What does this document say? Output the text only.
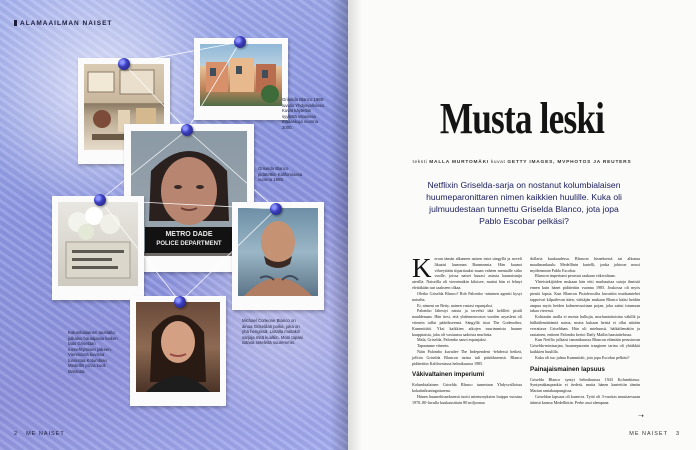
ALAMAAILMAN NAISET
METRO DADE
POLICE DEPARTMENT
Griselda Blanco 1980-luvulla Yhdysvalloissa. Kuvat käytettiin syytettä ostuvissa maaaskuja vuonna 2000.
Griselda Blanco pidätettiin Kaliforniassa vuonna 1985.
Kolumbialainen taustalla: julkaisu hautajaisia kaiken taas Griseldan menehtymisen jälkeen. Viereisissä kuvissa tunnistaa Kolumbian Medellín pizza kuoli tämäntai.
Michael Corleone Blanco on ainoa Griseldan poika, joka on yhä hengissä. Listalla muitakin sarjoja mitä kuultiin. Moni tapasi isänsä seteleitä suuremmin.
2 ME NAISET
Musta leski
teksti MALLA MURTOMÄKI kuvat GETTY IMAGES, MVPHOTOS JA REUTERS

Netflixin Griselda-sarja on nostanut kolumbialaisen huumeparonittaren nimen kaikkien huulille. Kuka oli julmuudestaan tunnettu Griselda Blanco, jota jopa Pablo Escobar pelkäsi?

Kerran tämän alkaneen naisen intoi sängyllä ja noveli likaaisi kumman Baumonnia. Hän kaunoi vihreyttään tiipartiaaksi maan vaheen mentaille siiho vuolle, joissa naisei kuuasi asiasta kaunaistuija aterilla. Naiseilla oli viernimäkin kiloisee, muttai hän ei lehnyt elettäkään turt taakseen olkaa.

Oletko Griselda Blanco? Rob Palombo -niminen agentti kysyi naiselta.

Ei, nimeni on Betty, nainen vastasi espanjaksi.

Palombo lähestyi naista ja tervehti tätä kelilleti pisäli nauddenaan. Hän tiesi, että yhdenneuvoton vuoden aryasleni oli viimein tullut päätökseensä. Sängyllä istui The Godmother, Kummittäti. Yksi kaikkien aikojen suurimmista huume kauppiaista, joka oli vastuussa sadoista murhista.

Mala, Griselda, Palombo sanoi espanjaksi.

Tapaamme viimein.

Näin Palombo kuvailee The Independent -lehdessä hetkeä, jolloin Griselda Blancon tarina tuli päätökseensä. Blanco pidätettiin Kaliforniassa helmikuussa 1985.

Väkivaltainen imperiumi

Kolumbialainen Griselda Blanco tunnetaan Yhdysvalloissa kokaiinikuningattarena.

Hänen huumebisneksensä tuotti miemonyksien huippu vuosina 1970–80-luvulla kuukausittain 80 miljoonaa

dollaria kuukaudessa. Blancon bisneksestä sai alkunsa maailmankuulu Medellínin kartelli, jonka johtoon nousi myöhemmin Pablo Escobar.

Blancon imperiumi perustui raakaan väkivaltaan.

Yhteistekijöiden mukaan hän eitti murhauttaa satoja ihmisiä ennen kuin hänet pidätettiin vuonna 1985. Joukossa oli myös pieniä lapsia. Kun Blancon Pistolerosilta kuvattiin murhamiehet tappoivat kilpailevan ääen, väittäjän mukaan Blanco kääsi heidän ampua myös heiden kolmenvuotiaan pojan, joka sattui istumaan takaa vieressä.

Kohtaaiin uralla ei monia hullujia, murhantaitoisina väkillä ja hälkäilemättämiä naisia, mutta kukaan heistä ei ollut niitään verrattava Griseldaan. Hän oli miehuusti, häikäilemätön ja rautainen, entinen Palombo kertoi Daily Mailin haastattelussa.

Kun Netflix julkaisi tammikuussa Blancon elämään perustuvan Griselda-minisarjan, huumeparonin traaginen tarina oli yhtäkkiä kaikkien huulilla.

Kuka oli tuo julma Kummitäti, jota jopa Escobar pelkäsi?

Painajaismainen lapsuus

Griselda Blanco syntyi helmikuussa 1943 Kolumbiassa. Syntymäkaupunkia ei tiedetä, mutta hänen kantettiin tämän Marian rantakaupungissa.

Griseldan lapsuus oli karmiva. Tyttö oli 3-vuotias muuttaessaan äitinsä kanssa Medellíniin. Perhe asui alempana

➝
ME NAISET 3
